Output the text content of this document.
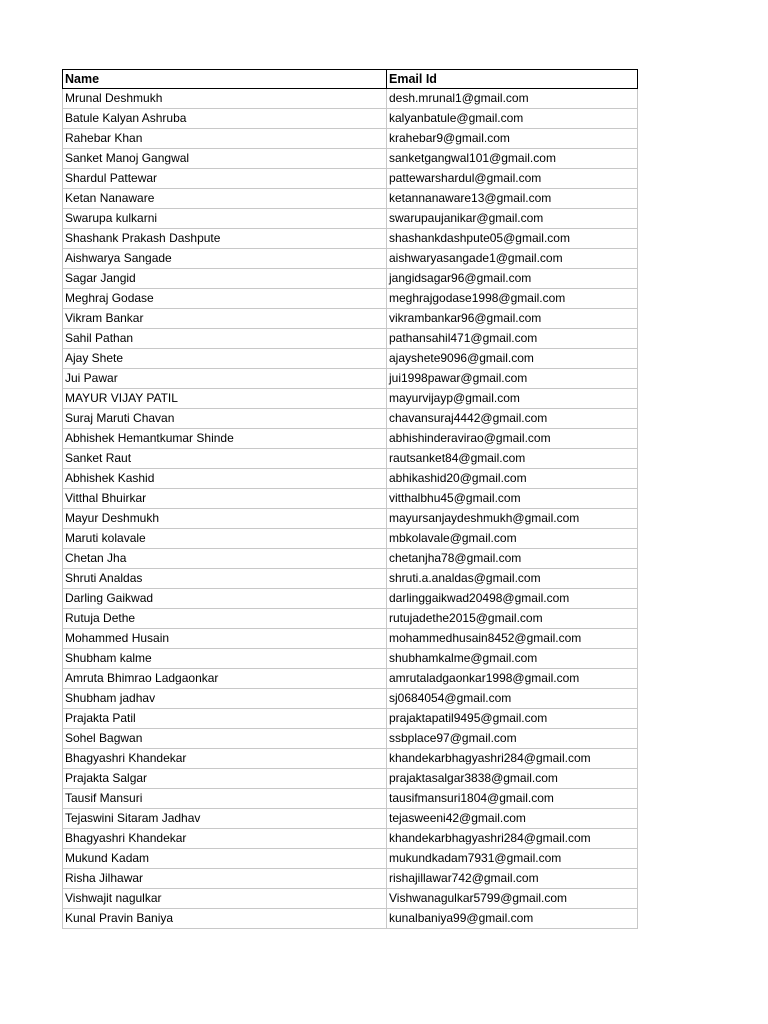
Name	Email Id
Mrunal Deshmukh	desh.mrunal1@gmail.com
Batule Kalyan Ashruba	kalyanbatule@gmail.com
Rahebar Khan	krahebar9@gmail.com
Sanket Manoj Gangwal	sanketgangwal101@gmail.com
Shardul Pattewar	pattewarshardul@gmail.com
Ketan Nanaware	ketannanaware13@gmail.com
Swarupa kulkarni	swarupaujanikar@gmail.com
Shashank Prakash Dashpute	shashankdashpute05@gmail.com
Aishwarya Sangade	aishwaryasangade1@gmail.com
Sagar Jangid	jangidsagar96@gmail.com
Meghraj Godase	meghrajgodase1998@gmail.com
Vikram Bankar	vikrambankar96@gmail.com
Sahil Pathan	pathansahil471@gmail.com
Ajay Shete	ajayshete9096@gmail.com
Jui Pawar	jui1998pawar@gmail.com
MAYUR VIJAY PATIL	mayurvijayp@gmail.com
Suraj Maruti Chavan	chavansuraj4442@gmail.com
Abhishek Hemantkumar Shinde	abhishinderavirao@gmail.com
Sanket Raut	rautsanket84@gmail.com
Abhishek Kashid	abhikashid20@gmail.com
Vitthal Bhuirkar	vitthalbhu45@gmail.com
Mayur Deshmukh	mayursanjaydeshmukh@gmail.com
Maruti kolavale	mbkolavale@gmail.com
Chetan Jha	chetanjha78@gmail.com
Shruti Analdas	shruti.a.analdas@gmail.com
Darling Gaikwad	darlinggaikwad20498@gmail.com
Rutuja Dethe	rutujadethe2015@gmail.com
Mohammed Husain	mohammedhusain8452@gmail.com
Shubham kalme	shubhamkalme@gmail.com
Amruta Bhimrao Ladgaonkar	amrutaladgaonkar1998@gmail.com
Shubham jadhav	sj0684054@gmail.com
Prajakta Patil	prajaktapatil9495@gmail.com
Sohel Bagwan	ssbplace97@gmail.com
Bhagyashri Khandekar	khandekarbhagyashri284@gmail.com
Prajakta Salgar	prajaktasalgar3838@gmail.com
Tausif Mansuri	tausifmansuri1804@gmail.com
Tejaswini Sitaram Jadhav	tejasweeni42@gmail.com
Bhagyashri Khandekar	khandekarbhagyashri284@gmail.com
Mukund Kadam	mukundkadam7931@gmail.com
Risha Jilhawar	rishajillawar742@gmail.com
Vishwajit nagulkar	Vishwanagulkar5799@gmail.com
Kunal Pravin Baniya	kunalbaniya99@gmail.com
